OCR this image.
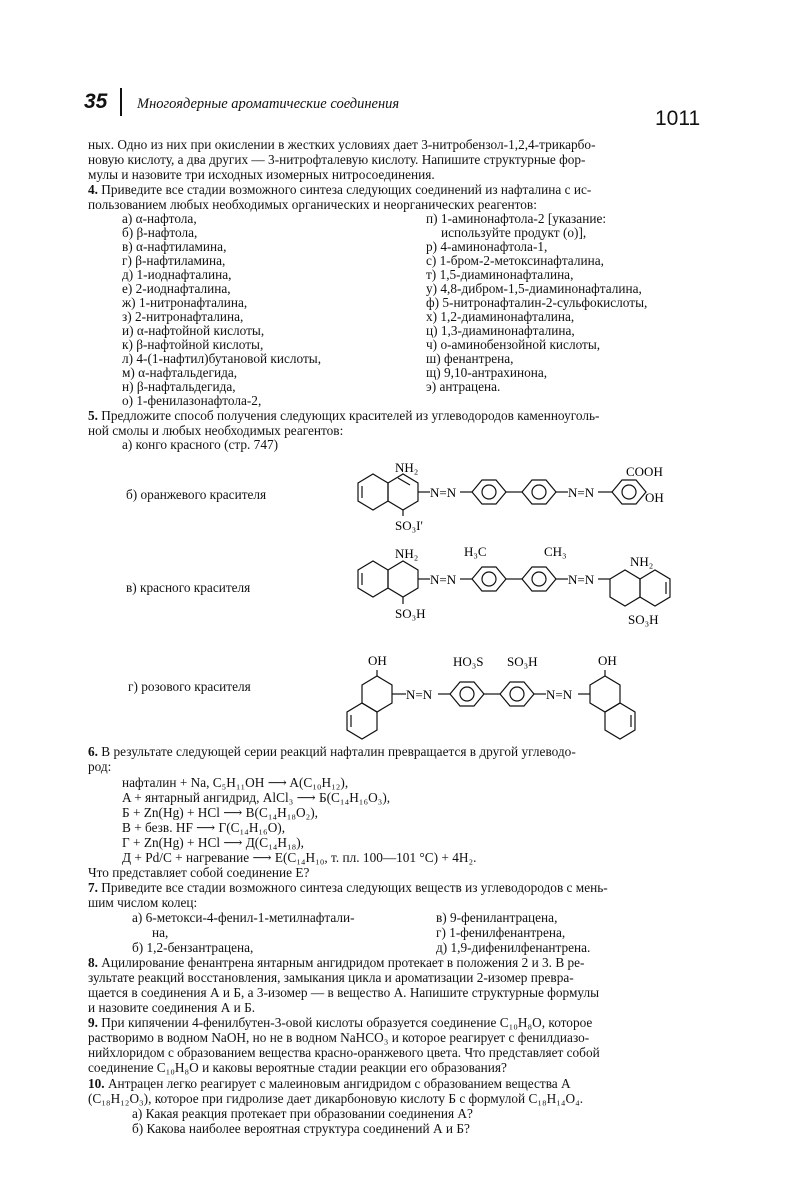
35 Многоядерные ароматические соединения
1011
ных. Одно из них при окислении в жестких условиях дает 3-нитробензол-1,2,4-трикарбо-
новую кислоту, а два других — 3-нитрофталевую кислоту. Напишите структурные фор-
мулы и назовите три исходных изомерных нитросоединения.
4. Приведите все стадии возможного синтеза следующих соединений из нафталина с ис-
пользованием любых необходимых органических и неорганических реагентов:
а) α-нафтола,
б) β-нафтола,
в) α-нафтиламина,
г) β-нафтиламина,
д) 1-иоднафталина,
е) 2-иоднафталина,
ж) 1-нитронафталина,
з) 2-нитронафталина,
и) α-нафтойной кислоты,
к) β-нафтойной кислоты,
л) 4-(1-нафтил)бутановой кислоты,
м) α-нафтальдегида,
н) β-нафтальдегида,
о) 1-фенилазонафтола-2,
п) 1-аминонафтола-2 [указание:
используйте продукт (о)],
р) 4-аминонафтола-1,
с) 1-бром-2-метоксинафталина,
т) 1,5-диаминонафталина,
у) 4,8-дибром-1,5-диаминонафталина,
ф) 5-нитронафталин-2-сульфокислоты,
х) 1,2-диаминонафталина,
ц) 1,3-диаминонафталина,
ч) о-аминобензойной кислоты,
ш) фенантрена,
щ) 9,10-антрахинона,
э) антрацена.
5. Предложите способ получения следующих красителей из углеводородов каменноуголь-
ной смолы и любых необходимых реагентов:
а) конго красного (стр. 747)
б) оранжевого красителя
в) красного красителя
г) розового красителя
NH₂
N=N	N=N
COOH
OH
SO₃I'
NH₂	H₃C	CH₃
N=N	N=N
NH₂
SO₃H	SO₃H
OH
N=N
HO₃S SO₃H
N=N
OH
6. В результате следующей серии реакций нафталин превращается в другой углеводо-
род:
нафталин + Na, C₅H₁₁OH ⟶ A(C₁₀H₁₂),
A + янтарный ангидрид, AlCl₃ ⟶ Б(C₁₄H₁₆O₃),
Б + Zn(Hg) + HCl ⟶ В(C₁₄H₁₈O₂),
В + безв. HF ⟶ Г(C₁₄H₁₆O),
Г + Zn(Hg) + HCl ⟶ Д(C₁₄H₁₈),
Д + Pd/C + нагревание ⟶ Е(C₁₄H₁₀, т. пл. 100—101 °C) + 4H₂.
Что представляет собой соединение Е?
7. Приведите все стадии возможного синтеза следующих веществ из углеводородов с мень-
шим числом колец:
а) 6-метокси-4-фенил-1-метилнафтали-
на,
б) 1,2-бензантрацена,
в) 9-фенилантрацена,
г) 1-фенилфенантрена,
д) 1,9-дифенилфенантрена.
8. Ацилирование фенантрена янтарным ангидридом протекает в положения 2 и 3. В ре-
зультате реакций восстановления, замыкания цикла и ароматизации 2-изомер превра-
щается в соединения А и Б, а 3-изомер — в вещество А. Напишите структурные формулы
и назовите соединения А и Б.
9. При кипячении 4-фенилбутен-3-овой кислоты образуется соединение C₁₀H₈O, которое
растворимо в водном NaOH, но не в водном NaHCO₃ и которое реагирует с фенилдиазо-
нийхлоридом с образованием вещества красно-оранжевого цвета. Что представляет собой
соединение C₁₀H₈O и каковы вероятные стадии реакции его образования?
10. Антрацен легко реагирует с малеиновым ангидридом с образованием вещества А
(C₁₈H₁₂O₃), которое при гидролизе дает дикарбоновую кислоту Б с формулой C₁₈H₁₄O₄.
а) Какая реакция протекает при образовании соединения А?
б) Какова наиболее вероятная структура соединений А и Б?
